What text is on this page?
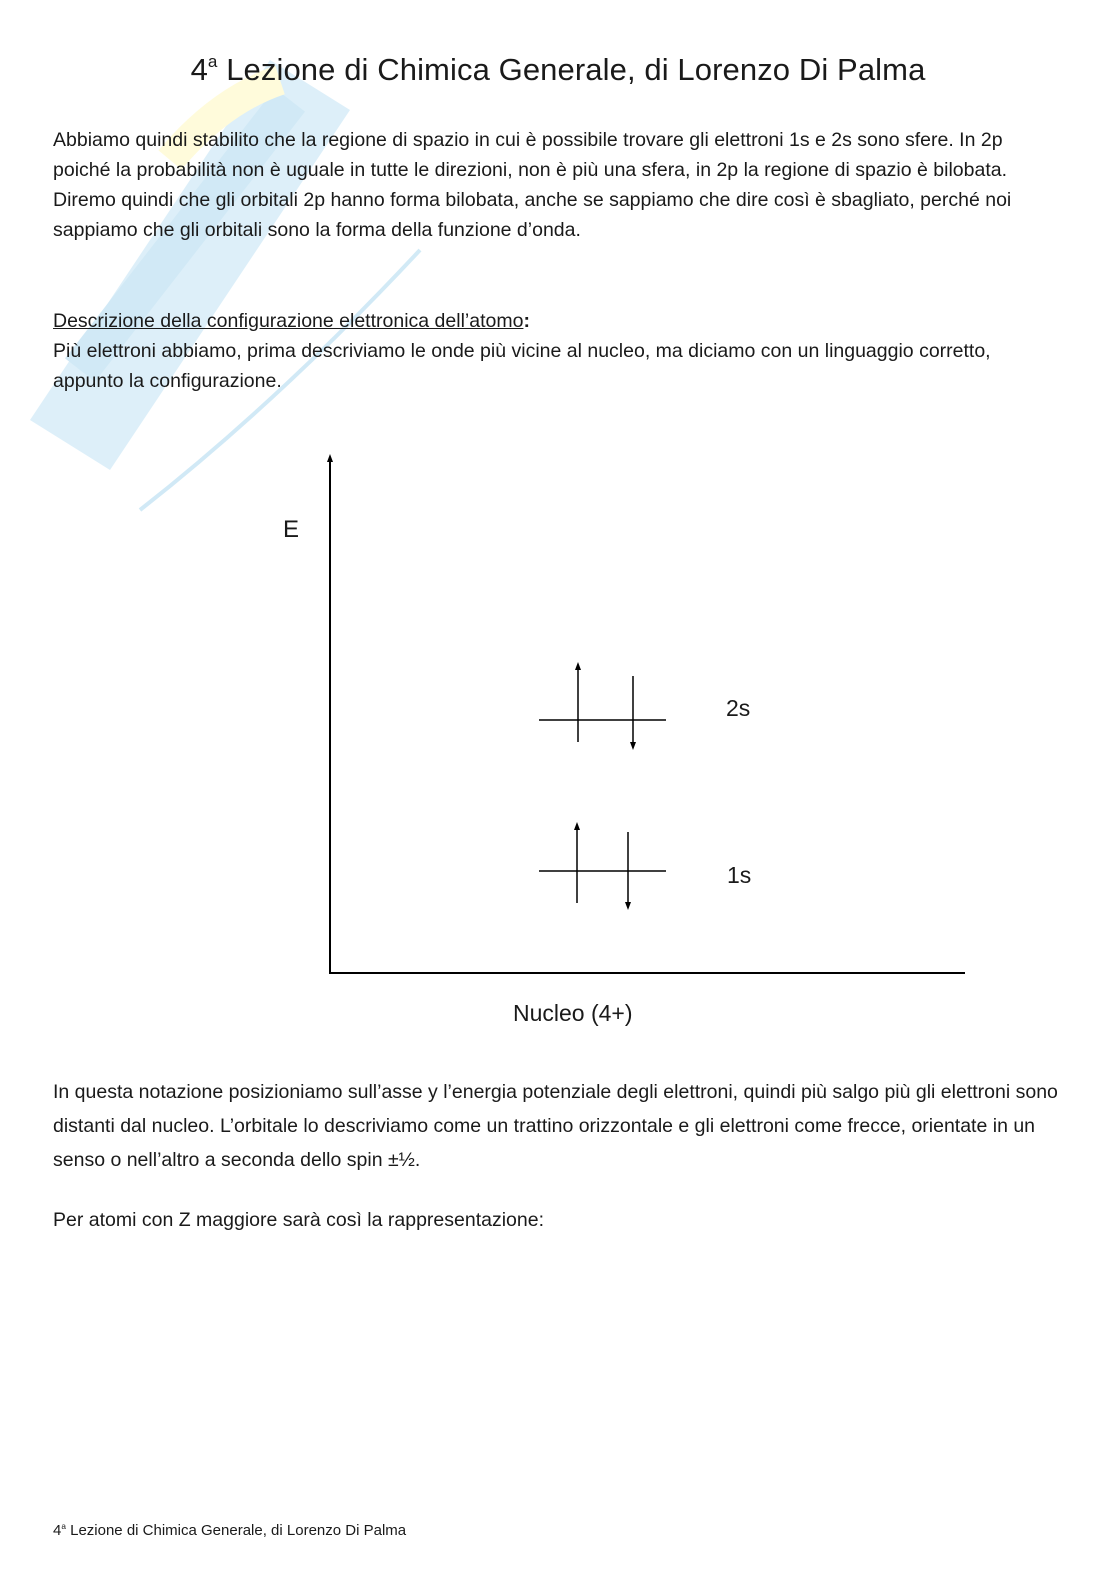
4$^a$ Lezione di Chimica Generale, di Lorenzo Di Palma

Abbiamo quindi stabilito che la regione di spazio in cui è possibile trovare gli elettroni 1s e 2s sono sfere. In 2p poiché la probabilità non è uguale in tutte le direzioni, non è più una sfera, in 2p la regione di spazio è bilobata. Diremo quindi che gli orbitali 2p hanno forma bilobata, anche se sappiamo che dire così è sbagliato, perché noi sappiamo che gli orbitali sono la forma della funzione d’onda.

Descrizione della configurazione elettronica dell’atomo:

Più elettroni abbiamo, prima descriviamo le onde più vicine al nucleo, ma diciamo con un linguaggio corretto, appunto la configurazione.

E
Nucleo (4+)
2s
1s

In questa notazione posizioniamo sull’asse y l’energia potenziale degli elettroni, quindi più salgo più gli elettroni sono distanti dal nucleo. L’orbitale lo descriviamo come un trattino orizzontale e gli elettroni come frecce, orientate in un senso o nell’altro a seconda dello spin ±½.

Per atomi con Z maggiore sarà così la rappresentazione:

4$^a$ Lezione di Chimica Generale, di Lorenzo Di Palma
